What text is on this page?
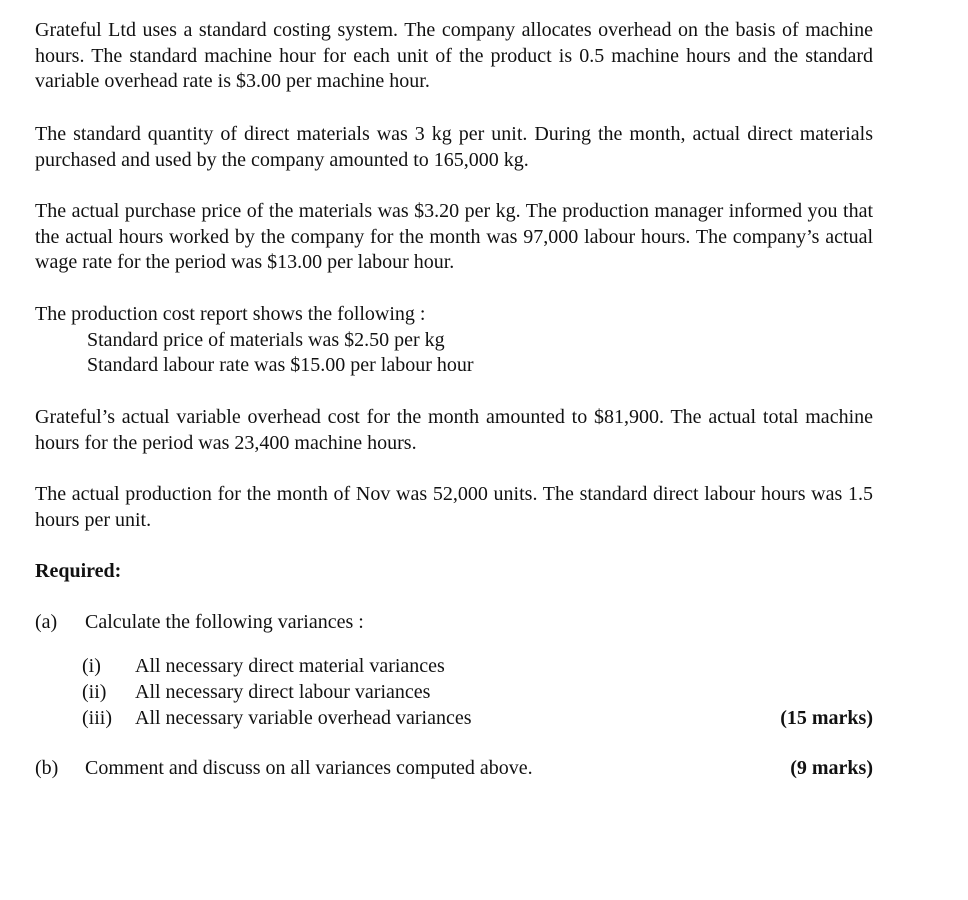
Grateful Ltd uses a standard costing system. The company allocates overhead on the basis of machine hours. The standard machine hour for each unit of the product is 0.5 machine hours and the standard variable overhead rate is $3.00 per machine hour.

The standard quantity of direct materials was 3 kg per unit. During the month, actual direct materials purchased and used by the company amounted to 165,000 kg.

The actual purchase price of the materials was $3.20 per kg. The production manager informed you that the actual hours worked by the company for the month was 97,000 labour hours. The company’s actual wage rate for the period was $13.00 per labour hour.

The production cost report shows the following :
Standard price of materials was $2.50 per kg
Standard labour rate was $15.00 per labour hour

Grateful’s actual variable overhead cost for the month amounted to $81,900. The actual total machine hours for the period was 23,400 machine hours.

The actual production for the month of Nov was 52,000 units. The standard direct labour hours was 1.5 hours per unit.

Required:
(a) Calculate the following variances :
(i) All necessary direct material variances
(ii) All necessary direct labour variances
(iii) All necessary variable overhead variances	(15 marks)
(b) Comment and discuss on all variances computed above.	(9 marks)
